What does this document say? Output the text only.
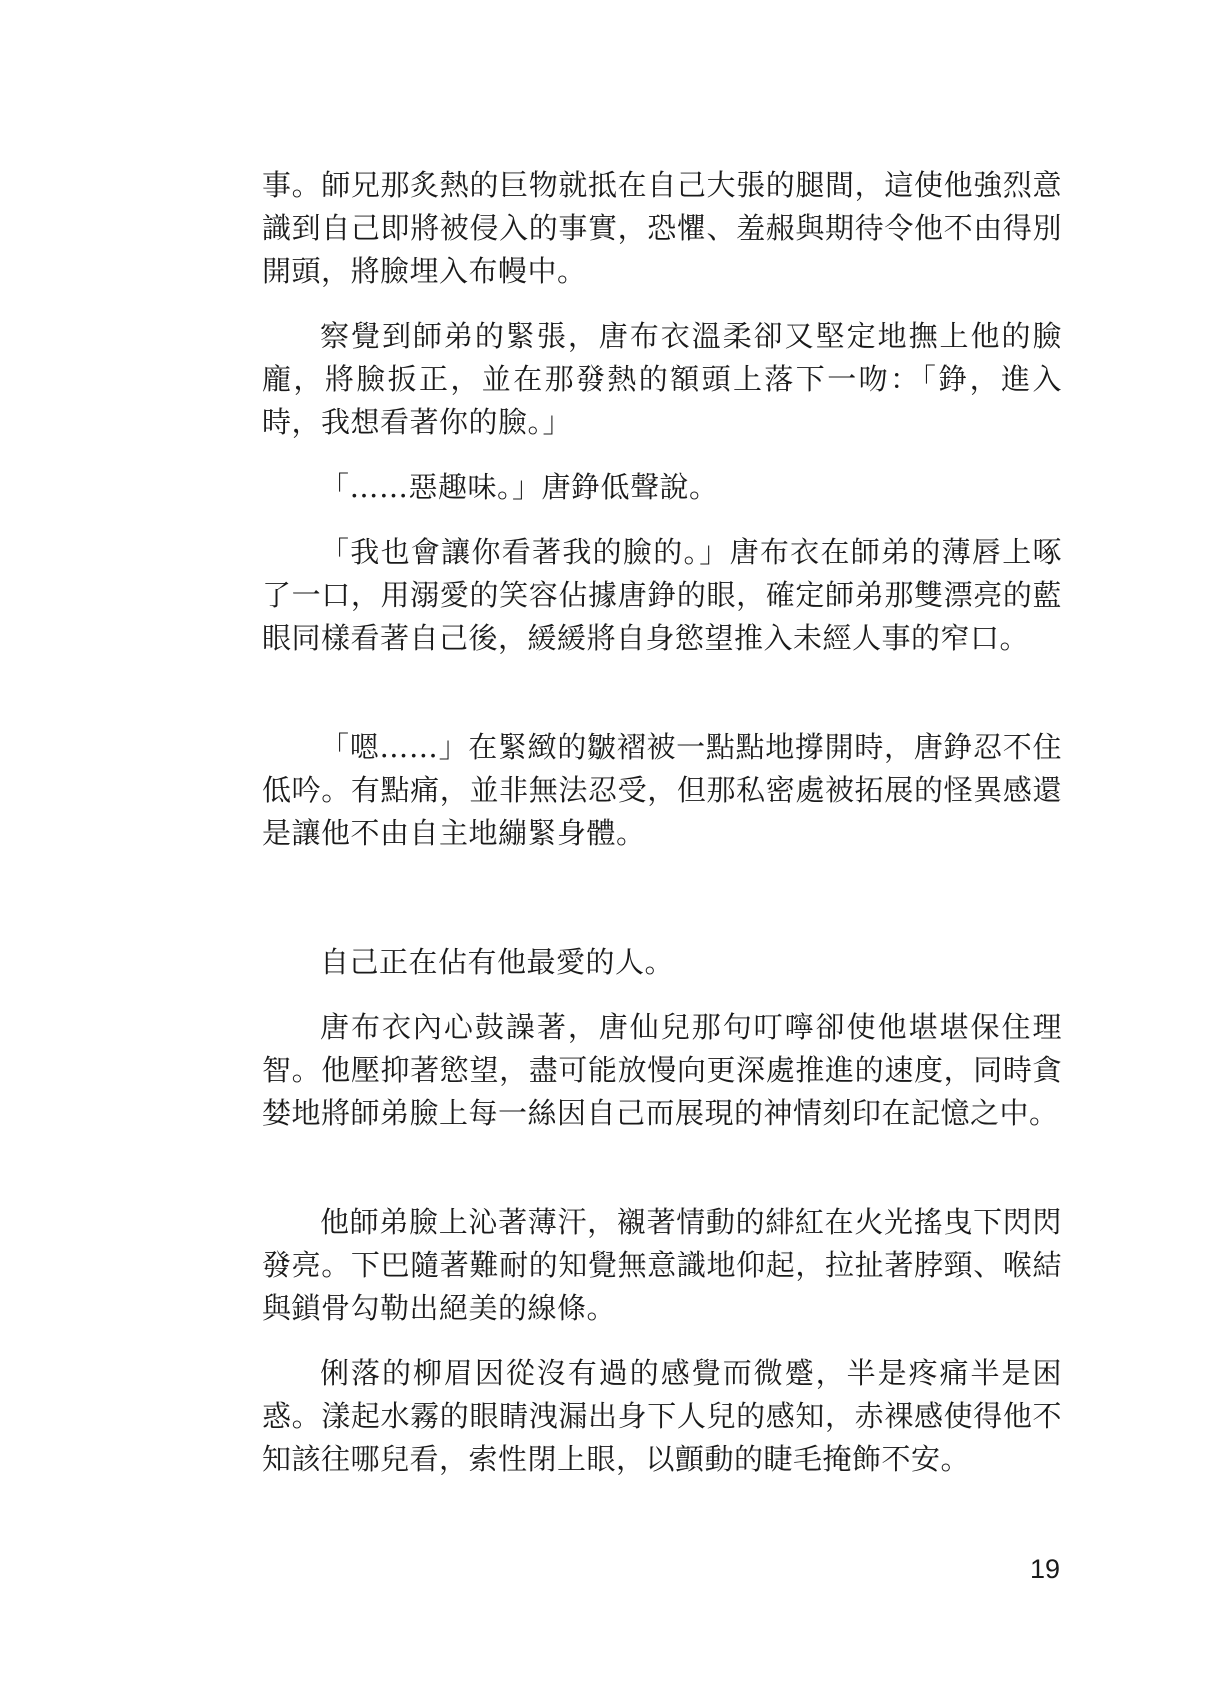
事。師兄那炙熱的巨物就抵在自己大張的腿間，這使他強烈意識到自己即將被侵入的事實，恐懼、羞赧與期待令他不由得別開頭，將臉埋入布幔中。

察覺到師弟的緊張，唐布衣溫柔卻又堅定地撫上他的臉龐，將臉扳正，並在那發熱的額頭上落下一吻：「錚，進入時，我想看著你的臉。」

「……惡趣味。」唐錚低聲說。

「我也會讓你看著我的臉的。」唐布衣在師弟的薄唇上啄了一口，用溺愛的笑容佔據唐錚的眼，確定師弟那雙漂亮的藍眼同樣看著自己後，緩緩將自身慾望推入未經人事的窄口。

「嗯……」在緊緻的皺褶被一點點地撐開時，唐錚忍不住低吟。有點痛，並非無法忍受，但那私密處被拓展的怪異感還是讓他不由自主地繃緊身體。

自己正在佔有他最愛的人。

唐布衣內心鼓譟著，唐仙兒那句叮嚀卻使他堪堪保住理智。他壓抑著慾望，盡可能放慢向更深處推進的速度，同時貪婪地將師弟臉上每一絲因自己而展現的神情刻印在記憶之中。

他師弟臉上沁著薄汗，襯著情動的緋紅在火光搖曳下閃閃發亮。下巴隨著難耐的知覺無意識地仰起，拉扯著脖頸、喉結與鎖骨勾勒出絕美的線條。

俐落的柳眉因從沒有過的感覺而微蹙，半是疼痛半是困惑。漾起水霧的眼睛洩漏出身下人兒的感知，赤裸感使得他不知該往哪兒看，索性閉上眼，以顫動的睫毛掩飾不安。

19
